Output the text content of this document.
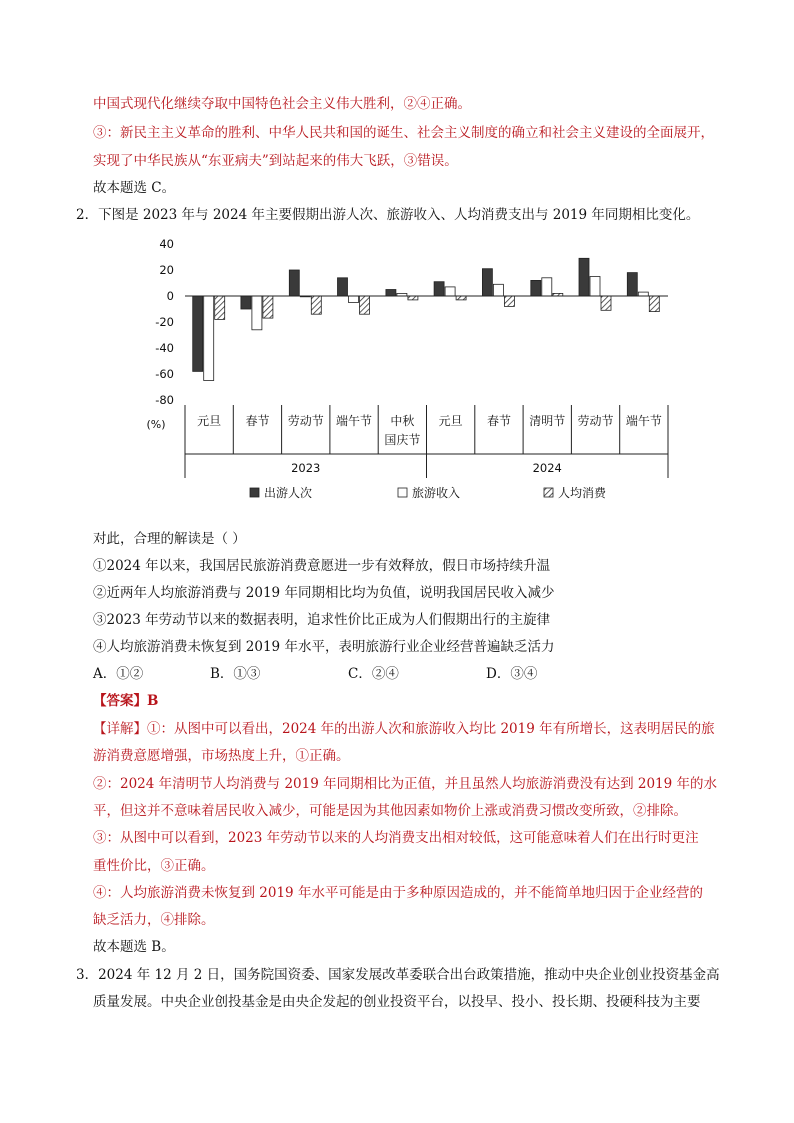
中国式现代化继续夺取中国特色社会主义伟大胜利，②④正确。
③：新民主主义革命的胜利、中华人民共和国的诞生、社会主义制度的确立和社会主义建设的全面展开，
实现了中华民族从“东亚病夫”到站起来的伟大飞跃，③错误。
故本题选 C。
2．下图是 2023 年与 2024 年主要假期出游人次、旅游收入、人均消费支出与 2019 年同期相比变化。
40
20
0
-20
-40
-60
-80
(%)	元旦 春节 劳动节 端午节 中秋
国庆节
元旦 春节 清明节 劳动节 端午节
2023	2024
出游人次	旅游收入	人均消费
对此，合理的解读是（ ）
①2024 年以来，我国居民旅游消费意愿进一步有效释放，假日市场持续升温
②近两年人均旅游消费与 2019 年同期相比均为负值，说明我国居民收入减少
③2023 年劳动节以来的数据表明，追求性价比正成为人们假期出行的主旋律
④人均旅游消费未恢复到 2019 年水平，表明旅游行业企业经营普遍缺乏活力
A．①②	B．①③	C．②④	D．③④
【答案】B
【详解】①：从图中可以看出，2024 年的出游人次和旅游收入均比 2019 年有所增长，这表明居民的旅
游消费意愿增强，市场热度上升，①正确。
②：2024 年清明节人均消费与 2019 年同期相比为正值，并且虽然人均旅游消费没有达到 2019 年的水
平，但这并不意味着居民收入减少，可能是因为其他因素如物价上涨或消费习惯改变所致，②排除。
③：从图中可以看到，2023 年劳动节以来的人均消费支出相对较低，这可能意味着人们在出行时更注
重性价比，③正确。
④：人均旅游消费未恢复到 2019 年水平可能是由于多种原因造成的，并不能简单地归因于企业经营的
缺乏活力，④排除。
故本题选 B。
3．2024 年 12 月 2 日，国务院国资委、国家发展改革委联合出台政策措施，推动中央企业创业投资基金高
质量发展。中央企业创投基金是由央企发起的创业投资平台，以投早、投小、投长期、投硬科技为主要
